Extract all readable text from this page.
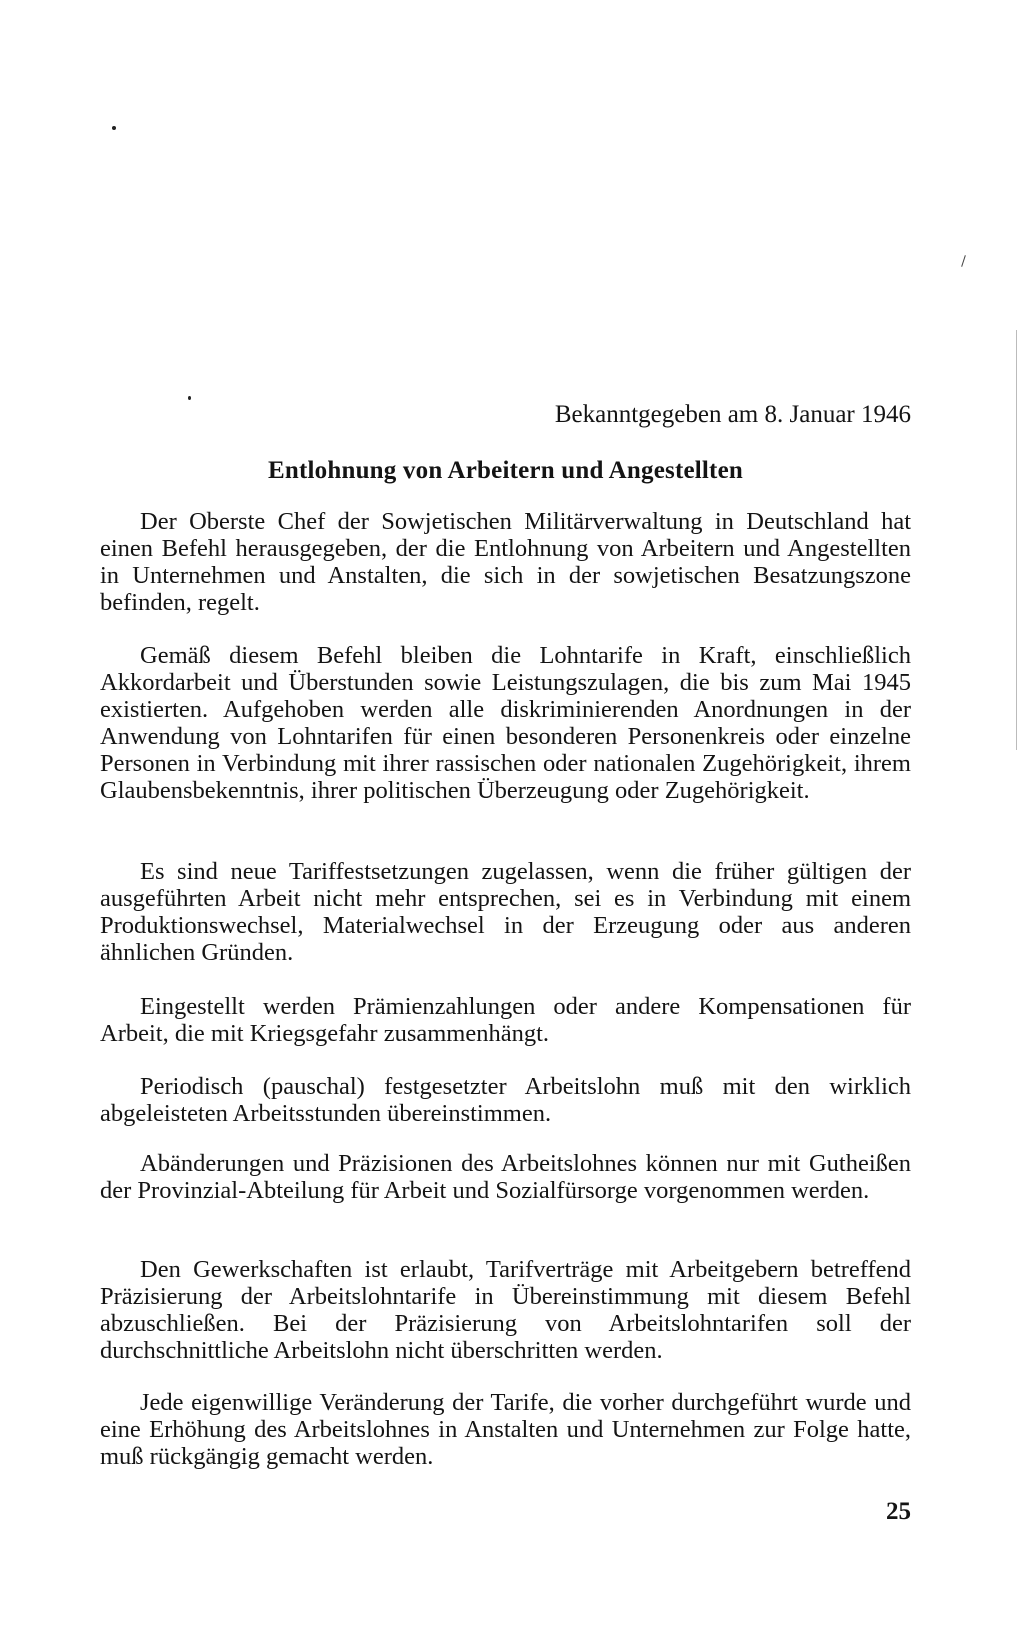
Bekanntgegeben am 8. Januar 1946
Entlohnung von Arbeitern und Angestellten

Der Oberste Chef der Sowjetischen Militärverwaltung in Deutschland hat einen Befehl herausgegeben, der die Entlohnung von Arbeitern und Angestellten in Unternehmen und Anstalten, die sich in der sowjetischen Besatzungszone befinden, regelt.

Gemäß diesem Befehl bleiben die Lohntarife in Kraft, einschließlich Akkordarbeit und Überstunden sowie Leistungszulagen, die bis zum Mai 1945 existierten. Aufgehoben werden alle diskriminierenden Anordnungen in der Anwendung von Lohntarifen für einen besonderen Personenkreis oder einzelne Personen in Verbindung mit ihrer rassischen oder nationalen Zugehörigkeit, ihrem Glaubensbekenntnis, ihrer politischen Überzeugung oder Zugehörigkeit.

Es sind neue Tariffestsetzungen zugelassen, wenn die früher gültigen der ausgeführten Arbeit nicht mehr entsprechen, sei es in Verbindung mit einem Produktionswechsel, Materialwechsel in der Erzeugung oder aus anderen ähnlichen Gründen.

Eingestellt werden Prämienzahlungen oder andere Kompensationen für Arbeit, die mit Kriegsgefahr zusammenhängt.

Periodisch (pauschal) festgesetzter Arbeitslohn muß mit den wirklich abgeleisteten Arbeitsstunden übereinstimmen.

Abänderungen und Präzisionen des Arbeitslohnes können nur mit Gutheißen der Provinzial-Abteilung für Arbeit und Sozialfürsorge vorgenommen werden.

Den Gewerkschaften ist erlaubt, Tarifverträge mit Arbeitgebern betreffend Präzisierung der Arbeitslohntarife in Übereinstimmung mit diesem Befehl abzuschließen. Bei der Präzisierung von Arbeitslohntarifen soll der durchschnittliche Arbeitslohn nicht überschritten werden.

Jede eigenwillige Veränderung der Tarife, die vorher durchgeführt wurde und eine Erhöhung des Arbeitslohnes in Anstalten und Unternehmen zur Folge hatte, muß rückgängig gemacht werden.

25
